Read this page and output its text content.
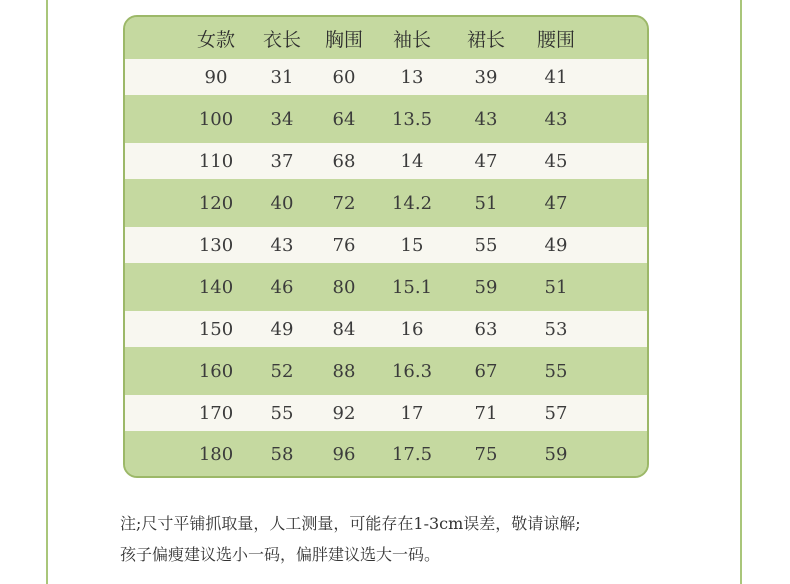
女款	衣长	胸围	袖长	裙长	腰围
90	31	60	13	39	41
100	34	64	13.5	43	43
110	37	68	14	47	45
120	40	72	14.2	51	47
130	43	76	15	55	49
140	46	80	15.1	59	51
150	49	84	16	63	53
160	52	88	16.3	67	55
170	55	92	17	71	57
180	58	96	17.5	75	59
注;尺寸平铺抓取量，人工测量，可能存在1-3cm误差，敬请谅解;
孩子偏瘦建议选小一码，偏胖建议选大一码。
